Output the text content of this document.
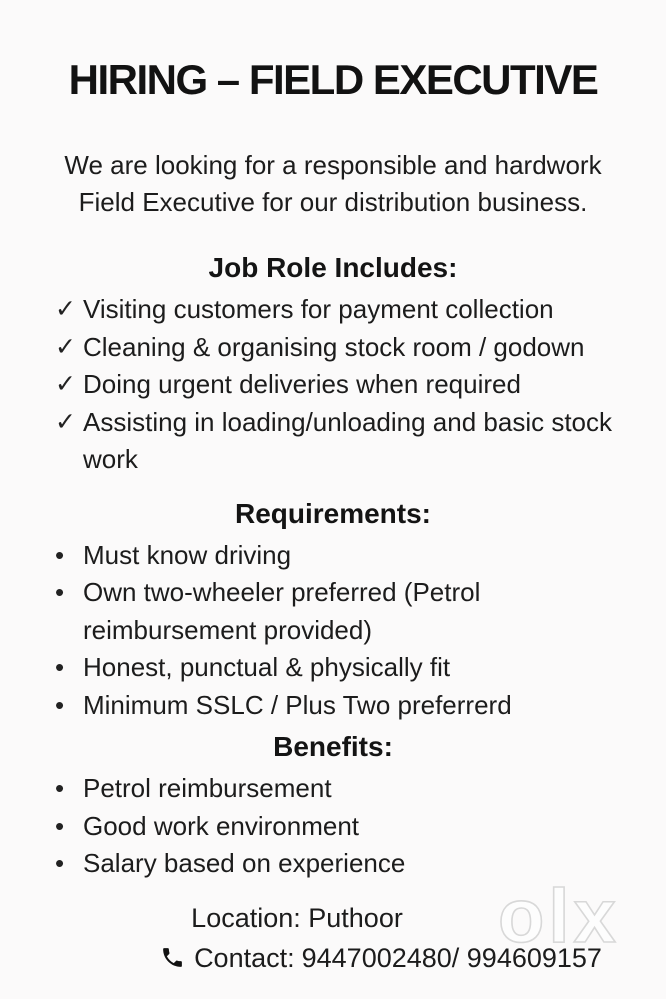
HIRING – FIELD EXECUTIVE

We are looking for a responsible and hardwork Field Executive for our distribution business.

Job Role Includes:
✓ Visiting customers for payment collection
✓ Cleaning & organising stock room / godown
✓ Doing urgent deliveries when required
✓ Assisting in loading/unloading and basic stock work
Requirements:
• Must know driving
• Own two-wheeler preferred (Petrol reimbursement provided)
• Honest, punctual & physically fit
• Minimum SSLC / Plus Two preferrerd
Benefits:
• Petrol reimbursement
• Good work environment
• Salary based on experience
Location: Puthoor
Contact: 9447002480/ 994609157
olx
